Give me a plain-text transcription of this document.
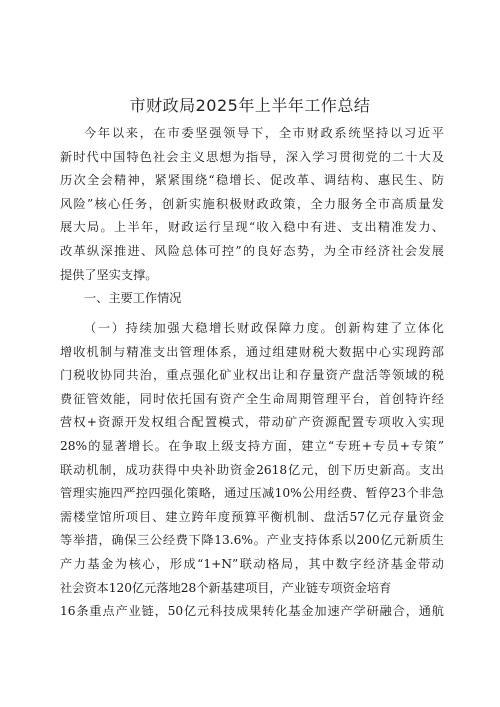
市财政局2025年上半年工作总结
今年以来，在市委坚强领导下，全市财政系统坚持以习近平
新时代中国特色社会主义思想为指导，深入学习贯彻党的二十大及
历次全会精神，紧紧围绕“稳增长、促改革、调结构、惠民生、防
风险”核心任务，创新实施积极财政政策，全力服务全市高质量发
展大局。上半年，财政运行呈现“收入稳中有进、支出精准发力、
改革纵深推进、风险总体可控”的良好态势，为全市经济社会发展
提供了坚实支撑。
一、主要工作情况
（一）持续加强大稳增长财政保障力度。创新构建了立体化
增收机制与精准支出管理体系，通过组建财税大数据中心实现跨部
门税收协同共治，重点强化矿业权出让和存量资产盘活等领域的税
费征管效能，同时依托国有资产全生命周期管理平台，首创特许经
营权+资源开发权组合配置模式，带动矿产资源配置专项收入实现
28%的显著增长。在争取上级支持方面，建立“专班+专员+专策”
联动机制，成功获得中央补助资金2618亿元，创下历史新高。支出
管理实施四严控四强化策略，通过压减10%公用经费、暂停23个非急
需楼堂馆所项目、建立跨年度预算平衡机制、盘活57亿元存量资金
等举措，确保三公经费下降13.6%。产业支持体系以200亿元新质生
产力基金为核心，形成“1+N”联动格局，其中数字经济基金带动
社会资本120亿元落地28个新基建项目，产业链专项资金培育
16条重点产业链，50亿元科技成果转化基金加速产学研融合，通航
